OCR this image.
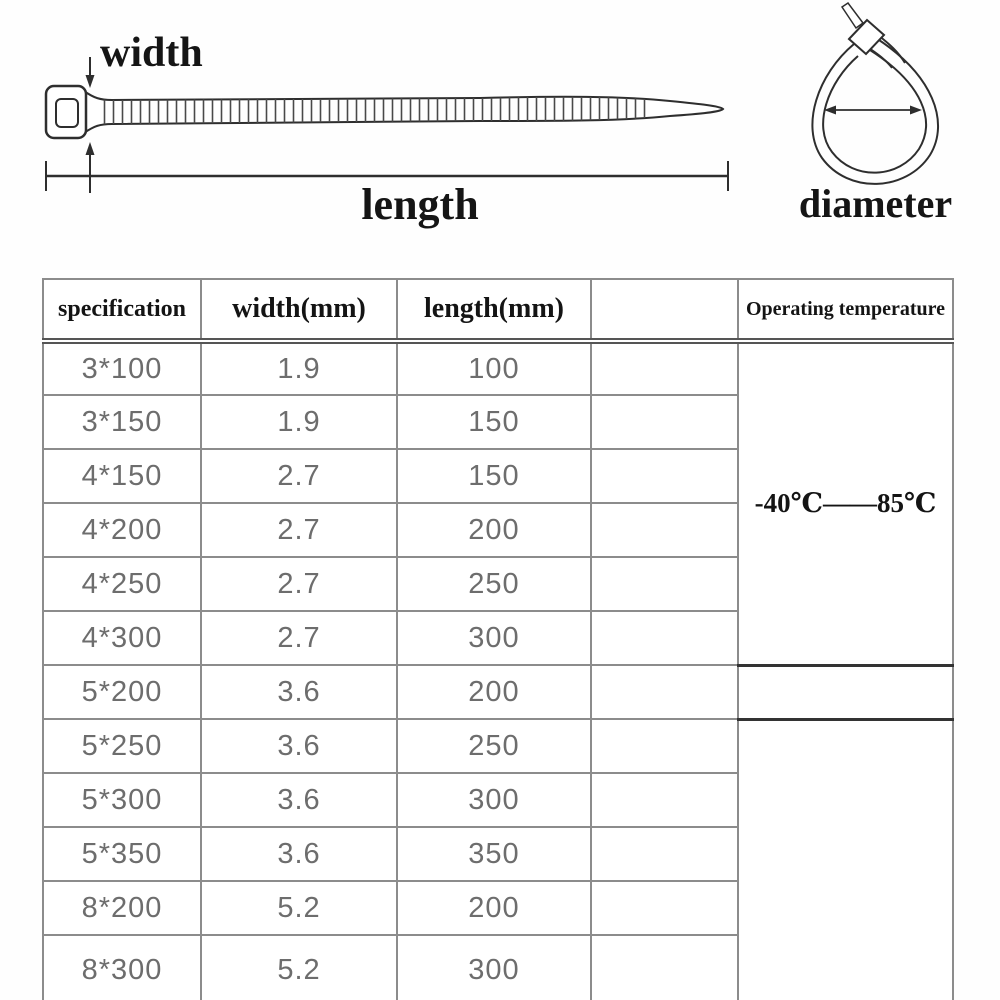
width
length	diameter
specification	width(mm)	length(mm)		Operating temperature
3*100	1.9	100		-40℃——85℃
3*150	1.9	150		
4*150	2.7	150		
4*200	2.7	200		
4*250	2.7	250		
4*300	2.7	300		
5*200	3.6	200		
5*250	3.6	250		
5*300	3.6	300		
5*350	3.6	350		
8*200	5.2	200		
8*300	5.2	300		
